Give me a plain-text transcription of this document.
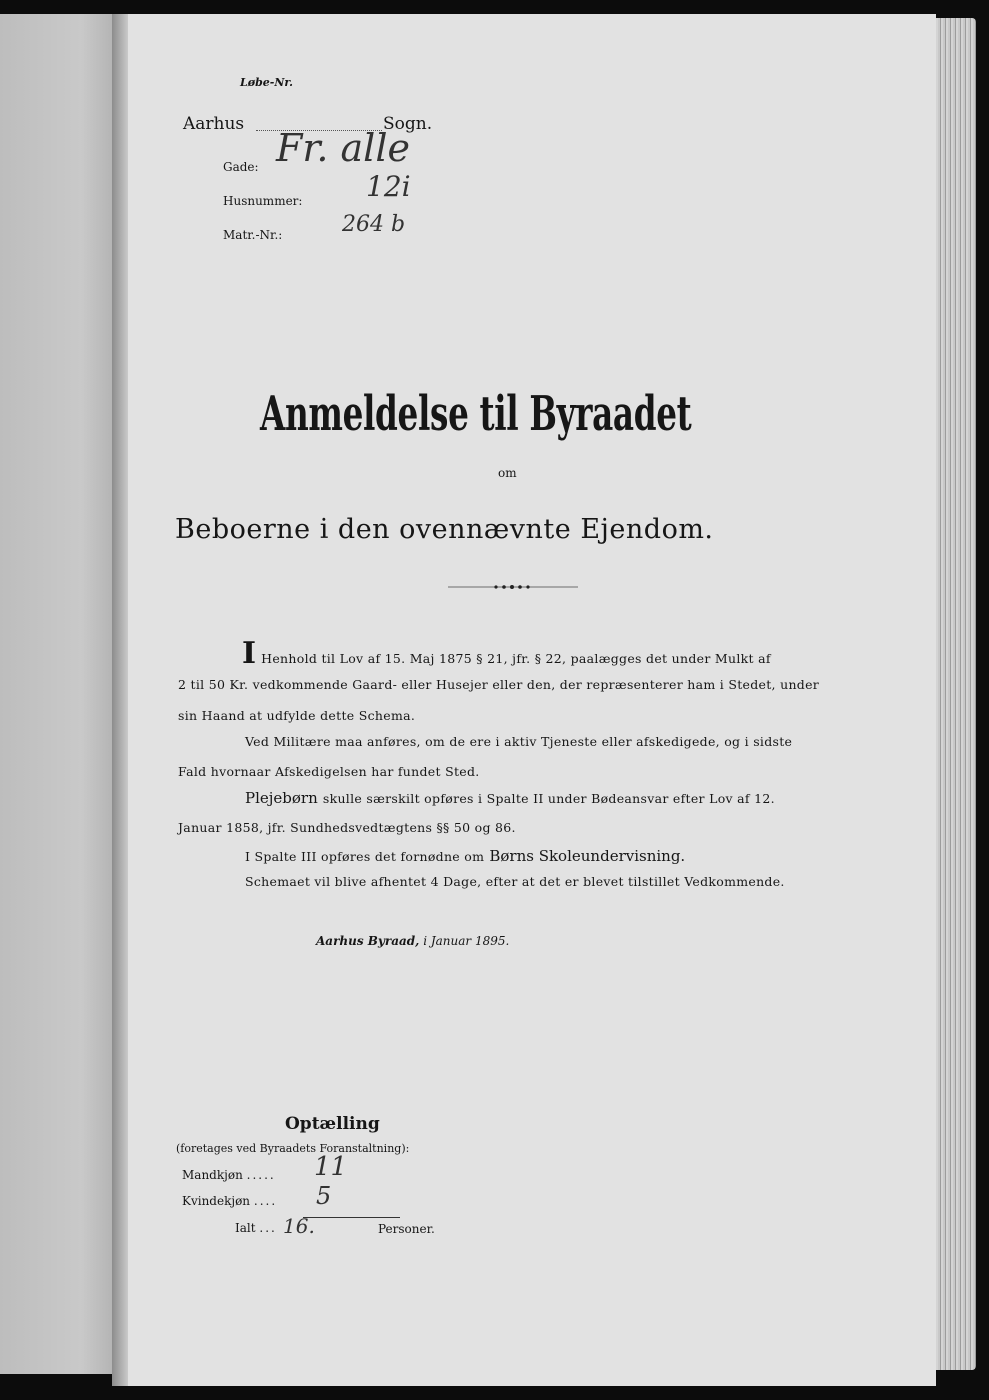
Løbe-Nr.
Aarhus	Sogn.
Gade: Fr. alle
Husnummer: 12i
Matr.-Nr.:	264 b
Anmeldelse til Byraadet
om
Beboerne i den ovennævnte Ejendom.
I Henhold til Lov af 15. Maj 1875 § 21, jfr. § 22, paalægges det under Mulkt af
2 til 50 Kr. vedkommende Gaard- eller Husejer eller den, der repræsenterer ham i Stedet, under
sin Haand at udfylde dette Schema.
Ved Militære maa anføres, om de ere i aktiv Tjeneste eller afskedigede, og i sidste
Fald hvornaar Afskedigelsen har fundet Sted.
Plejebørn skulle særskilt opføres i Spalte II under Bødeansvar efter Lov af 12.
Januar 1858, jfr. Sundhedsvedtægtens §§ 50 og 86.
I Spalte III opføres det fornødne om Børns Skoleundervisning.
Schemaet vil blive afhentet 4 Dage, efter at det er blevet tilstillet Vedkommende.
Aarhus Byraad, i Januar 1895.
Optælling
(foretages ved Byraadets Foranstaltning):
Mandkjøn ..... 11
Kvindekjøn .... 5
Ialt ... 16.	Personer.
